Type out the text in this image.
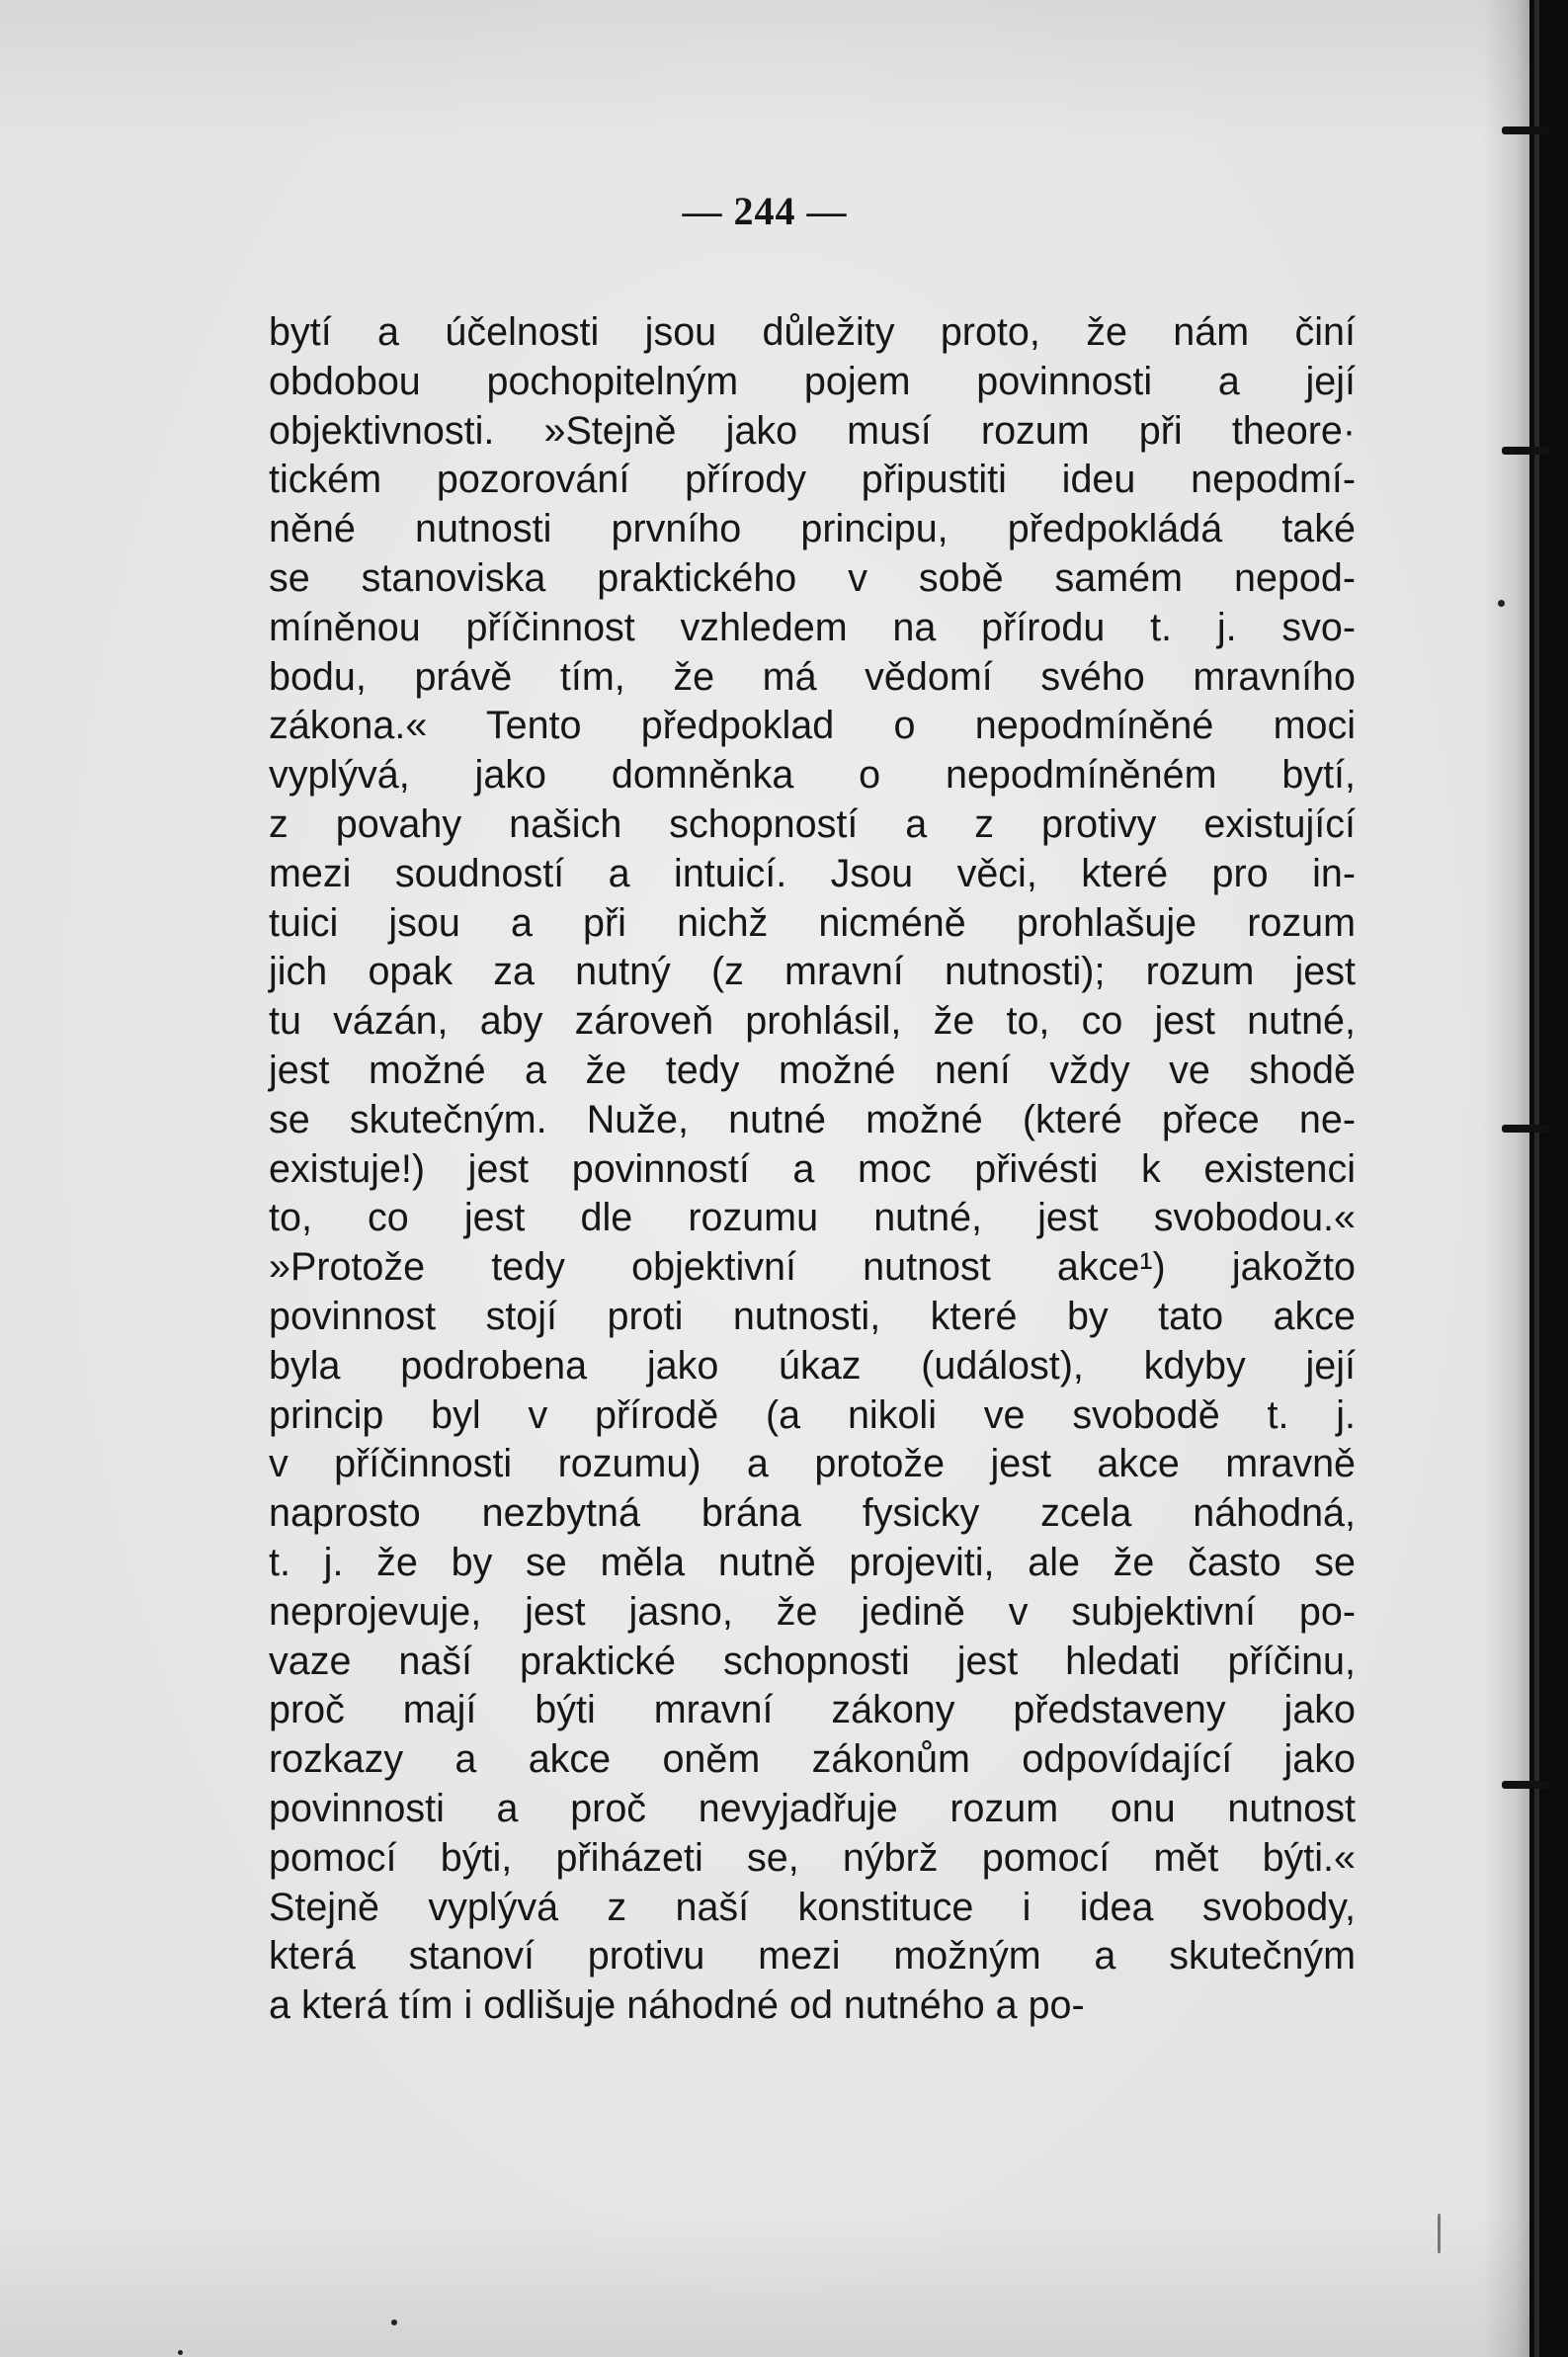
— 244 —
bytí a účelnosti jsou důležity proto, že nám činí
obdobou pochopitelným pojem povinnosti a její
objektivnosti. »Stejně jako musí rozum při theore·
tickém pozorování přírody připustiti ideu nepodmí-
něné nutnosti prvního principu, předpokládá také
se stanoviska praktického v sobě samém nepod-
míněnou příčinnost vzhledem na přírodu t. j. svo-
bodu, právě tím, že má vědomí svého mravního
zákona.« Tento předpoklad o nepodmíněné moci
vyplývá, jako domněnka o nepodmíněném bytí,
z povahy našich schopností a z protivy existující
mezi soudností a intuicí. Jsou věci, které pro in-
tuici jsou a při nichž nicméně prohlašuje rozum
jich opak za nutný (z mravní nutnosti); rozum jest
tu vázán, aby zároveň prohlásil, že to, co jest nutné,
jest možné a že tedy možné není vždy ve shodě
se skutečným. Nuže, nutné možné (které přece ne-
existuje!) jest povinností a moc přivésti k existenci
to, co jest dle rozumu nutné, jest svobodou.«
»Protože tedy objektivní nutnost akce¹) jakožto
povinnost stojí proti nutnosti, které by tato akce
byla podrobena jako úkaz (událost), kdyby její
princip byl v přírodě (a nikoli ve svobodě t. j.
v příčinnosti rozumu) a protože jest akce mravně
naprosto nezbytná brána fysicky zcela náhodná,
t. j. že by se měla nutně projeviti, ale že často se
neprojevuje, jest jasno, že jedině v subjektivní po-
vaze naší praktické schopnosti jest hledati příčinu,
proč mají býti mravní zákony představeny jako
rozkazy a akce oněm zákonům odpovídající jako
povinnosti a proč nevyjadřuje rozum onu nutnost
pomocí býti, přiházeti se, nýbrž pomocí mět býti.«
Stejně vyplývá z naší konstituce i idea svobody,
která stanoví protivu mezi možným a skutečným
a která tím i odlišuje náhodné od nutného a po-
